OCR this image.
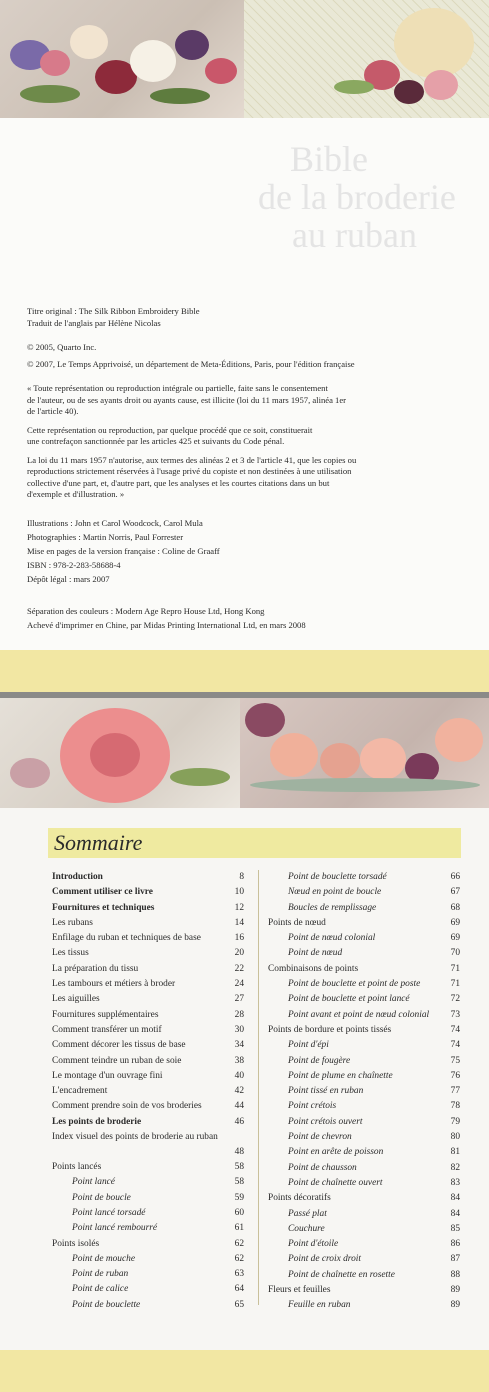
Bible
de la broderie
au ruban

Titre original : The Silk Ribbon Embroidery Bible
Traduit de l'anglais par Hélène Nicolas

© 2005, Quarto Inc.
© 2007, Le Temps Apprivoisé, un département de Meta-Éditions, Paris, pour l'édition française

« Toute représentation ou reproduction intégrale ou partielle, faite sans le consentement
de l'auteur, ou de ses ayants droit ou ayants cause, est illicite (loi du 11 mars 1957, alinéa 1er
de l'article 40).

Cette représentation ou reproduction, par quelque procédé que ce soit, constituerait
une contrefaçon sanctionnée par les articles 425 et suivants du Code pénal.

La loi du 11 mars 1957 n'autorise, aux termes des alinéas 2 et 3 de l'article 41, que les copies ou
reproductions strictement réservées à l'usage privé du copiste et non destinées à une utilisation
collective d'une part, et, d'autre part, que les analyses et les courtes citations dans un but
d'exemple et d'illustration. »

Illustrations : John et Carol Woodcock, Carol Mula
Photographies : Martin Norris, Paul Forrester
Mise en pages de la version française : Coline de Graaff
ISBN : 978-2-283-58688-4
Dépôt légal : mars 2007

Séparation des couleurs : Modern Age Repro House Ltd, Hong Kong
Achevé d'imprimer en Chine, par Midas Printing International Ltd, en mars 2008

Sommaire
Introduction	8
Comment utiliser ce livre	10
Fournitures et techniques	12
Les rubans	14
Enfilage du ruban et techniques de base	16
Les tissus	20
La préparation du tissu	22
Les tambours et métiers à broder	24
Les aiguilles	27
Fournitures supplémentaires	28
Comment transférer un motif	30
Comment décorer les tissus de base	34
Comment teindre un ruban de soie	38
Le montage d'un ouvrage fini	40
L'encadrement	42
Comment prendre soin de vos broderies	44
Les points de broderie	46
Index visuel des points de broderie au ruban
48
Points lancés	58
Point lancé	58
Point de boucle	59
Point lancé torsadé	60
Point lancé rembourré	61
Points isolés	62
Point de mouche	62
Point de ruban	63
Point de calice	64
Point de bouclette	65
Point de bouclette torsadé	66
Nœud en point de boucle	67
Boucles de remplissage	68
Points de nœud	69
Point de nœud colonial	69
Point de nœud	70
Combinaisons de points	71
Point de bouclette et point de poste	71
Point de bouclette et point lancé	72
Point avant et point de nœud colonial 73
Points de bordure et points tissés	74
Point d'épi	74
Point de fougère	75
Point de plume en chaînette	76
Point tissé en ruban	77
Point crétois	78
Point crétois ouvert	79
Point de chevron	80
Point en arête de poisson	81
Point de chausson	82
Point de chaînette ouvert	83
Points décoratifs	84
Passé plat	84
Couchure	85
Point d'étoile	86
Point de croix droit	87
Point de chaînette en rosette	88
Fleurs et feuilles	89
Feuille en ruban	89
